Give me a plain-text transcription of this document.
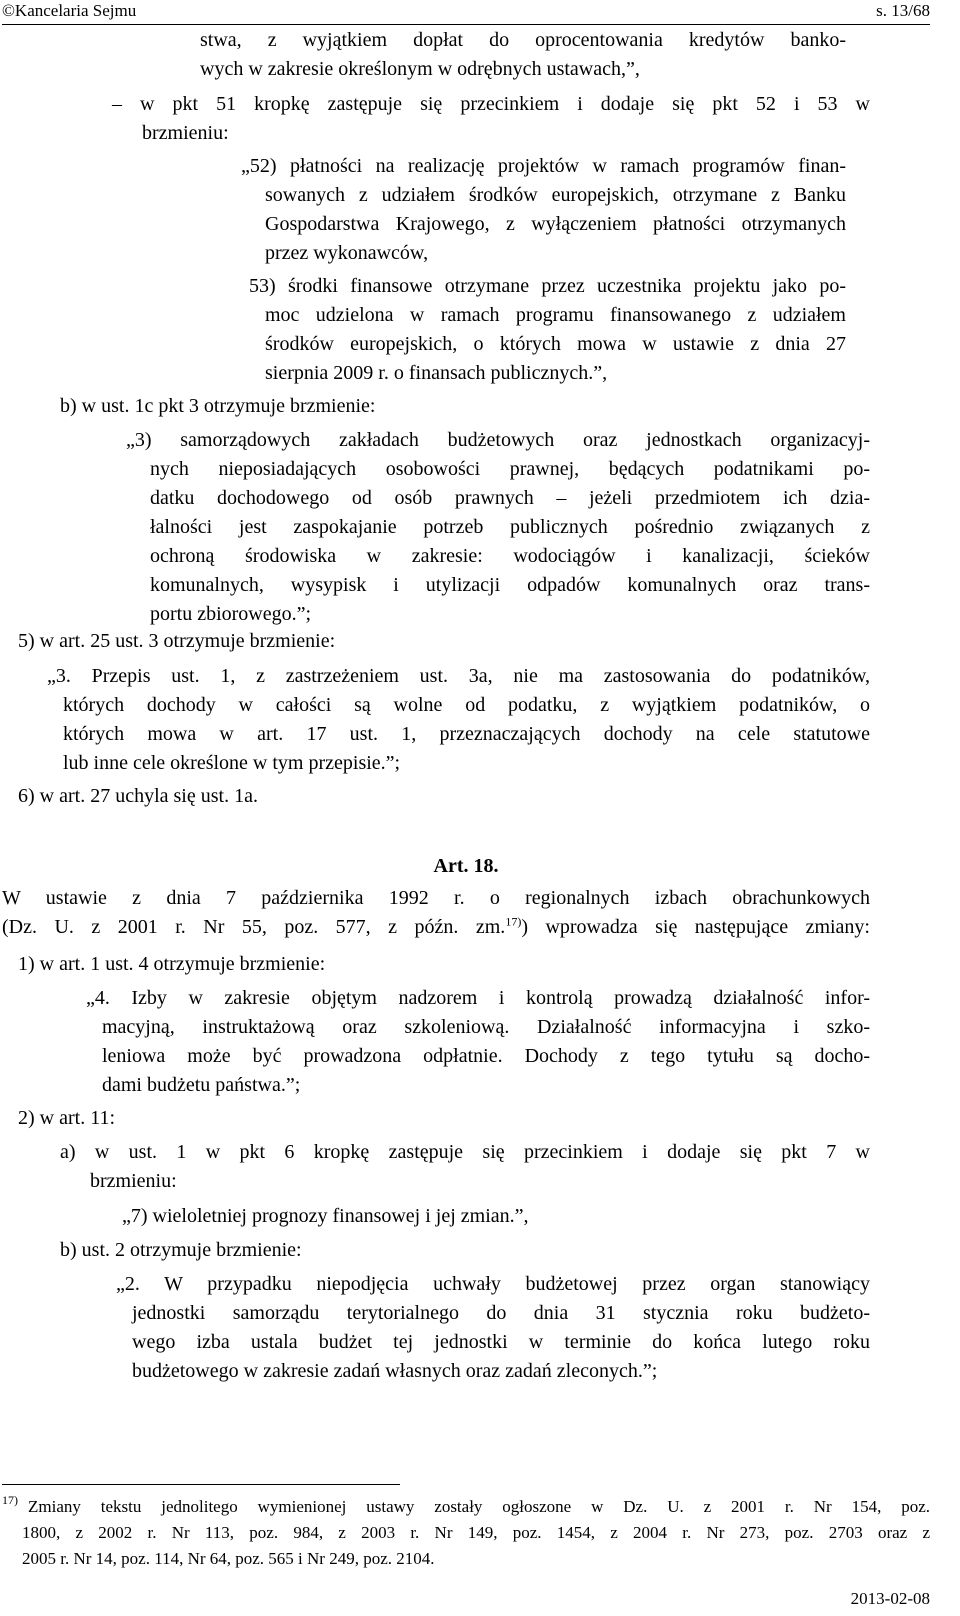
©Kancelaria Sejmu	s. 13/68
stwa, z wyjątkiem dopłat do oprocentowania kredytów banko-
wych w zakresie określonym w odrębnych ustawach,”,
– w pkt 51 kropkę zastępuje się przecinkiem i dodaje się pkt 52 i 53 w
brzmieniu:
„52) płatności na realizację projektów w ramach programów finan-
sowanych z udziałem środków europejskich, otrzymane z Banku
Gospodarstwa Krajowego, z wyłączeniem płatności otrzymanych
przez wykonawców,
53) środki finansowe otrzymane przez uczestnika projektu jako po-
moc udzielona w ramach programu finansowanego z udziałem
środków europejskich, o których mowa w ustawie z dnia 27
sierpnia 2009 r. o finansach publicznych.”,
b) w ust. 1c pkt 3 otrzymuje brzmienie:
„3) samorządowych zakładach budżetowych oraz jednostkach organizacyj-
nych nieposiadających osobowości prawnej, będących podatnikami po-
datku dochodowego od osób prawnych – jeżeli przedmiotem ich dzia-
łalności jest zaspokajanie potrzeb publicznych pośrednio związanych z
ochroną środowiska w zakresie: wodociągów i kanalizacji, ścieków
komunalnych, wysypisk i utylizacji odpadów komunalnych oraz trans-
portu zbiorowego.”;
5) w art. 25 ust. 3 otrzymuje brzmienie:
„3. Przepis ust. 1, z zastrzeżeniem ust. 3a, nie ma zastosowania do podatników,
których dochody w całości są wolne od podatku, z wyjątkiem podatników, o
których mowa w art. 17 ust. 1, przeznaczających dochody na cele statutowe
lub inne cele określone w tym przepisie.”;
6) w art. 27 uchyla się ust. 1a.
Art. 18.
W ustawie z dnia 7 października 1992 r. o regionalnych izbach obrachunkowych
(Dz. U. z 2001 r. Nr 55, poz. 577, z późn. zm.$^{17)}$) wprowadza się następujące zmiany:
1) w art. 1 ust. 4 otrzymuje brzmienie:
„4. Izby w zakresie objętym nadzorem i kontrolą prowadzą działalność infor-
macyjną, instruktażową oraz szkoleniową. Działalność informacyjna i szko-
leniowa może być prowadzona odpłatnie. Dochody z tego tytułu są docho-
dami budżetu państwa.”;
2) w art. 11:
a) w ust. 1 w pkt 6 kropkę zastępuje się przecinkiem i dodaje się pkt 7 w
brzmieniu:
„7) wieloletniej prognozy finansowej i jej zmian.”,
b) ust. 2 otrzymuje brzmienie:
„2. W przypadku niepodjęcia uchwały budżetowej przez organ stanowiący
jednostki samorządu terytorialnego do dnia 31 stycznia roku budżeto-
wego izba ustala budżet tej jednostki w terminie do końca lutego roku
budżetowego w zakresie zadań własnych oraz zadań zleconych.”;
17) Zmiany tekstu jednolitego wymienionej ustawy zostały ogłoszone w Dz. U. z 2001 r. Nr 154, poz.
1800, z 2002 r. Nr 113, poz. 984, z 2003 r. Nr 149, poz. 1454, z 2004 r. Nr 273, poz. 2703 oraz z
2005 r. Nr 14, poz. 114, Nr 64, poz. 565 i Nr 249, poz. 2104.
2013-02-08
